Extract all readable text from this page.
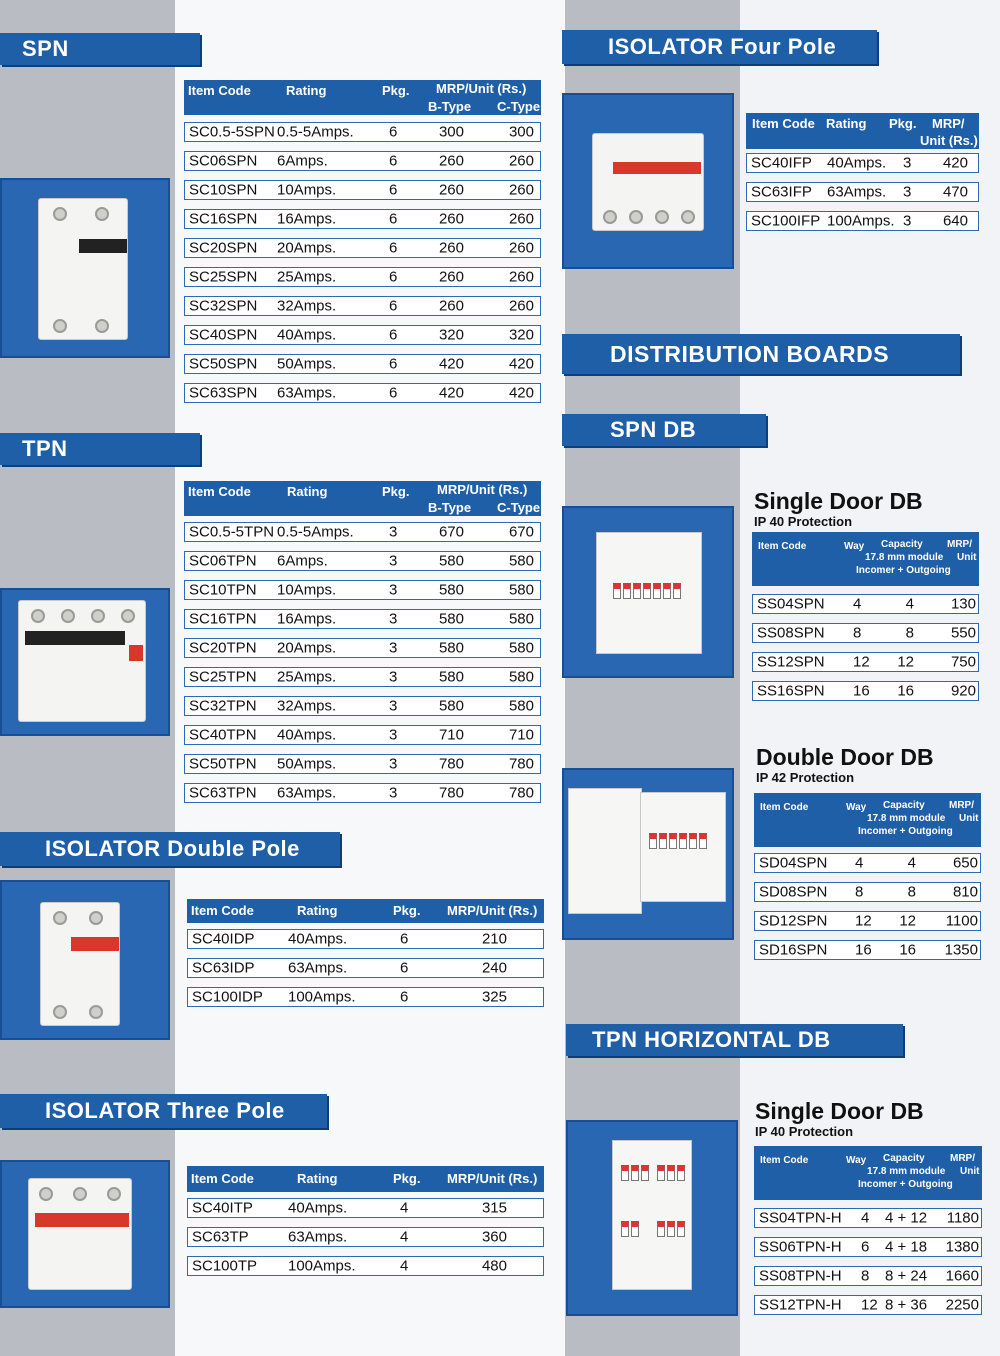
SPN
Item Code	Rating	Pkg. MRP/Unit (Rs.)
B-Type C-Type
SC0.5-5SPN 0.5-5Amps. 6	300	300
SC06SPN 6Amps.	6	260	260
SC10SPN 10Amps.	6	260	260
SC16SPN 16Amps.	6	260	260
SC20SPN 20Amps.	6	260	260
SC25SPN 25Amps.	6	260	260
SC32SPN 32Amps.	6	260	260
SC40SPN 40Amps.	6	320	320
SC50SPN 50Amps.	6	420	420
SC63SPN 63Amps.	6	420	420
TPN
Item Code	Rating	Pkg. MRP/Unit (Rs.)
B-Type C-Type
SC0.5-5TPN 0.5-5Amps. 3	670	670
SC06TPN 6Amps.	3	580	580
SC10TPN 10Amps.	3	580	580
SC16TPN 16Amps.	3	580	580
SC20TPN 20Amps.	3	580	580
SC25TPN 25Amps.	3	580	580
SC32TPN 32Amps.	3	580	580
SC40TPN 40Amps.	3	710	710
SC50TPN 50Amps.	3	780	780
SC63TPN 63Amps.	3	780	780
ISOLATOR Double Pole
Item Code	Rating	Pkg. MRP/Unit (Rs.)
SC40IDP 40Amps.	6	210
SC63IDP 63Amps.	6	240
SC100IDP 100Amps.	6	325
ISOLATOR Three Pole
Item Code	Rating	Pkg. MRP/Unit (Rs.)
SC40ITP 40Amps.	4	315
SC63TP	63Amps.	4	360
SC100TP 100Amps.	4	480
ISOLATOR Four Pole
Item Code Rating Pkg. MRP/
Unit (Rs.)
SC40IFP 40Amps. 3 420
SC63IFP 63Amps. 3 470
SC100IFP 100Amps. 3 640
DISTRIBUTION BOARDS
SPN DB
Single Door DB
IP 40 Protection
Item Code	Way Capacity
17.8 mm module
Incomer + Outgoing
MRP/
Unit
SS04SPN 4	4 130
SS08SPN 8	8 550
SS12SPN 12 12 750
SS16SPN 16 16 920
Double Door DB
IP 42 Protection
Item Code	Way Capacity
17.8 mm module
Incomer + Outgoing
MRP/
Unit
SD04SPN 4	4 650
SD08SPN 8	8 810
SD12SPN 12 12 1100
SD16SPN 16 16 1350
TPN HORIZONTAL DB
Single Door DB
IP 40 Protection
Item Code	Way Capacity
17.8 mm module
Incomer + Outgoing
MRP/
Unit
SS04TPN-H 4 4 + 12 1180
SS06TPN-H 6 4 + 18 1380
SS08TPN-H 8 8 + 24 1660
SS12TPN-H 12 8 + 36 2250
